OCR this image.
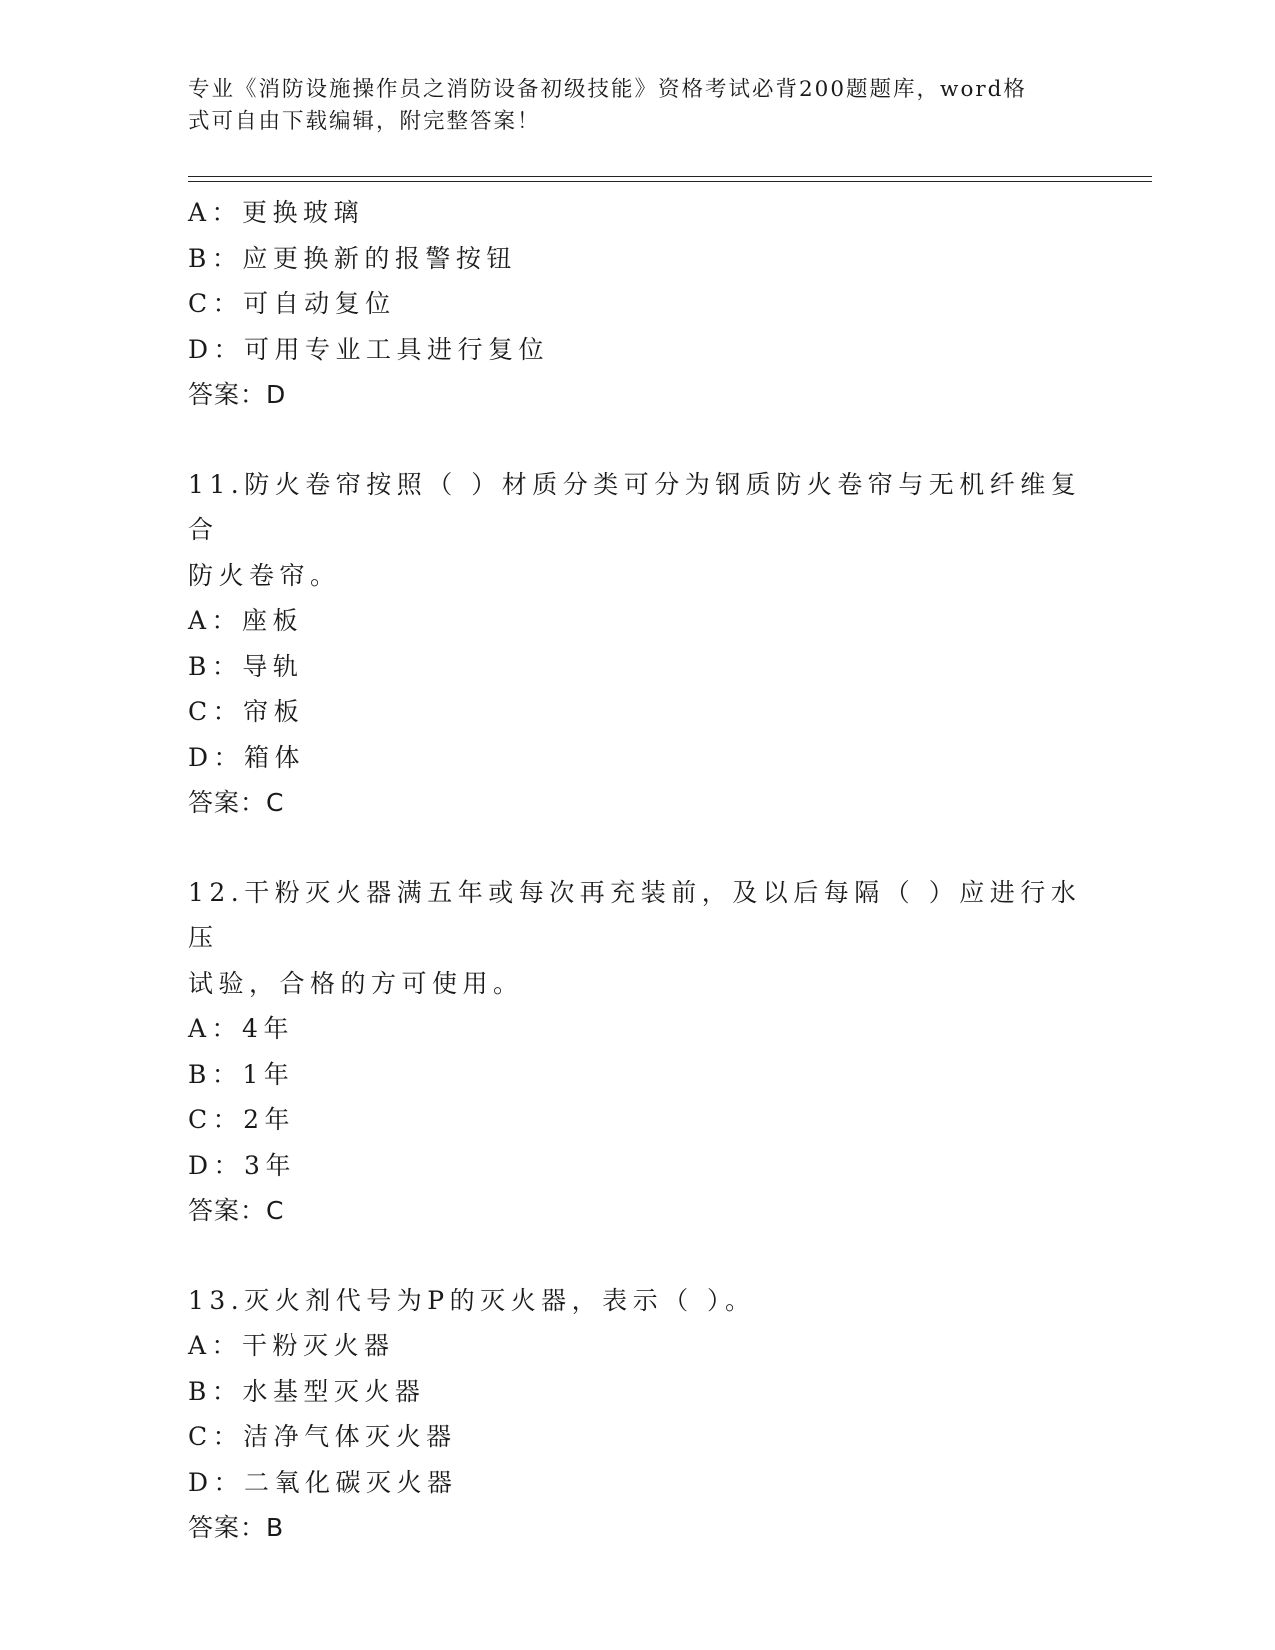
专业《消防设施操作员之消防设备初级技能》资格考试必背200题题库，word格
式可自由下载编辑，附完整答案！
A：更换玻璃
B：应更换新的报警按钮
C：可自动复位
D：可用专业工具进行复位
答案：D
11.防火卷帘按照（ ）材质分类可分为钢质防火卷帘与无机纤维复合
防火卷帘。
A：座板
B：导轨
C：帘板
D：箱体
答案：C
12.干粉灭火器满五年或每次再充装前，及以后每隔（ ）应进行水压
试验，合格的方可使用。
A：4年
B：1年
C：2年
D：3年
答案：C
13.灭火剂代号为P的灭火器，表示（ ）。
A：干粉灭火器
B：水基型灭火器
C：洁净气体灭火器
D：二氧化碳灭火器
答案：B
